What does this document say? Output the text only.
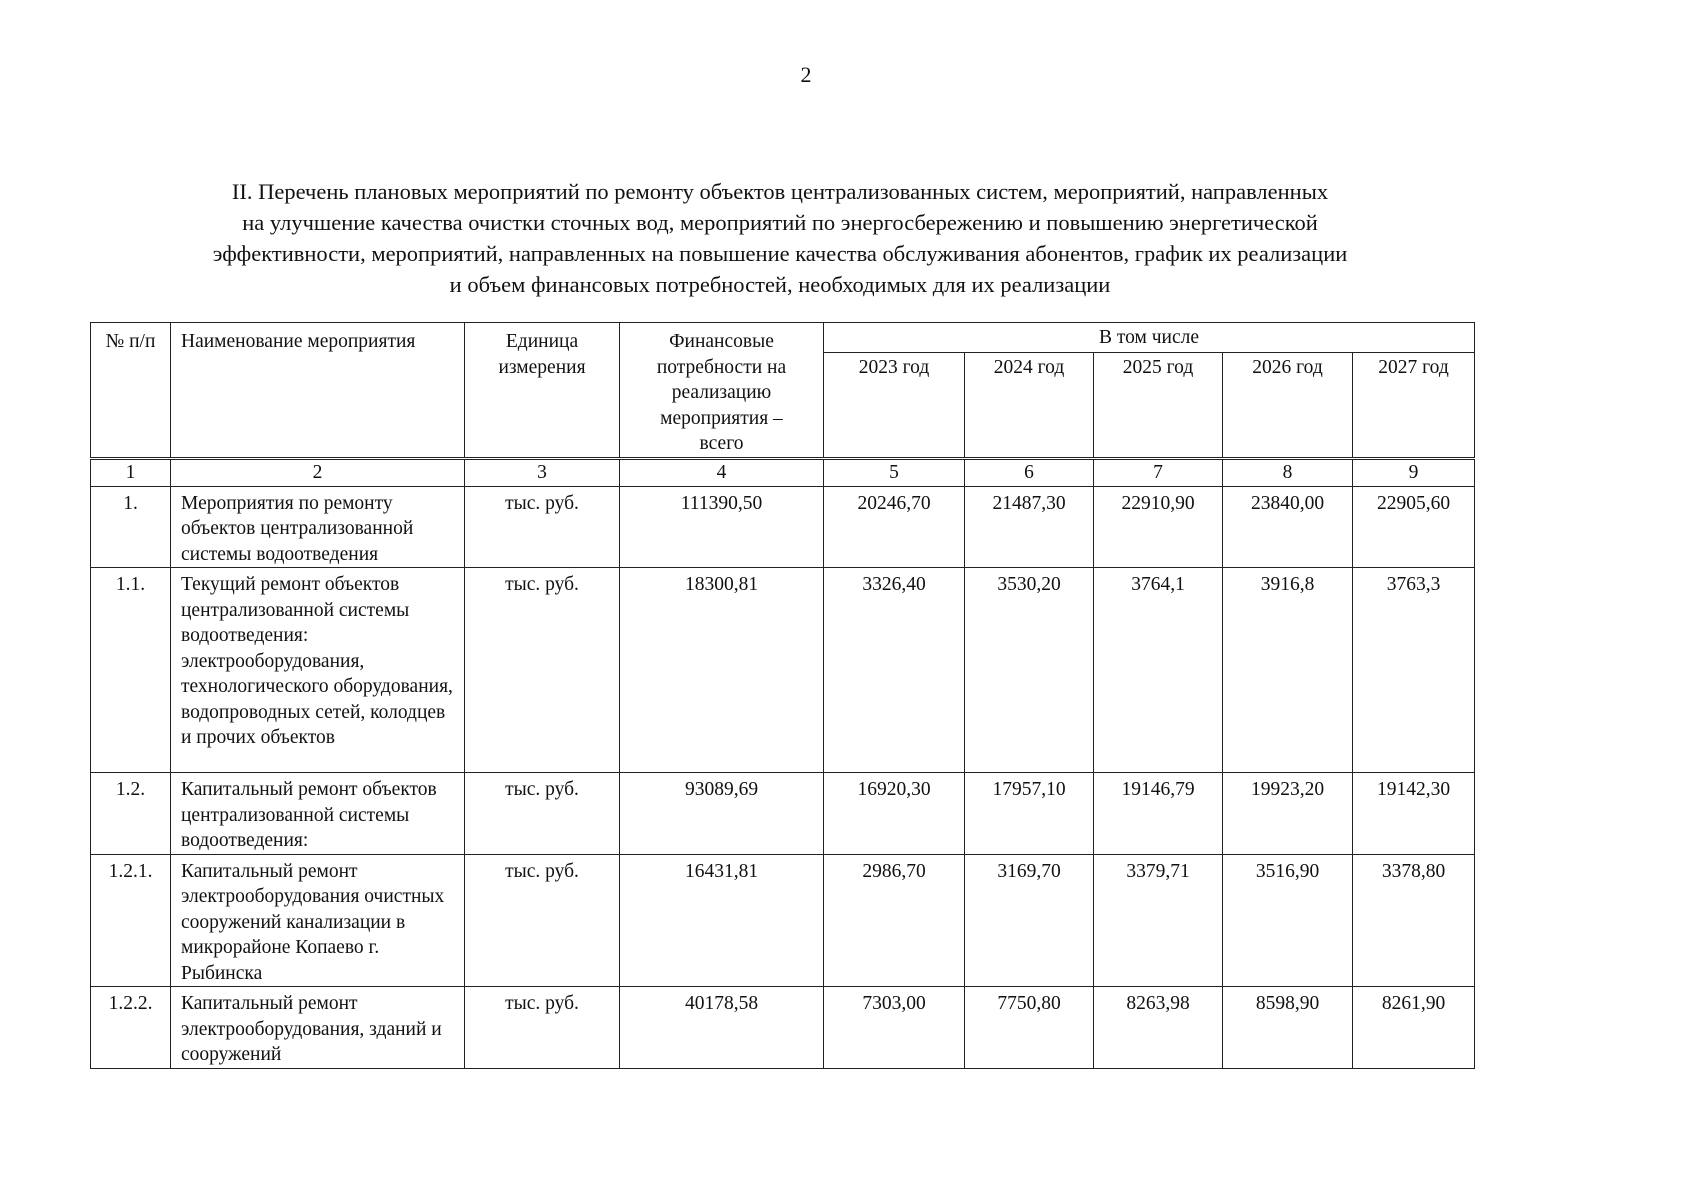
2
II. Перечень плановых мероприятий по ремонту объектов централизованных систем, мероприятий, направленных
на улучшение качества очистки сточных вод, мероприятий по энергосбережению и повышению энергетической
эффективности, мероприятий, направленных на повышение качества обслуживания абонентов, график их реализации
и объем финансовых потребностей, необходимых для их реализации
№ п/п	Наименование мероприятия	Единица измерения	Финансовые потребности на реализацию мероприятия – всего	В том числе				
				2023 год	2024 год	2025 год	2026 год	2027 год
1	2	3	4	5	6	7	8	9
1.	Мероприятия по ремонту объектов централизованной системы водоотведения	тыс. руб.	111390,50	20246,70	21487,30	22910,90	23840,00	22905,60
1.1.	Текущий ремонт объектов централизованной системы водоотведения: электрооборудования, технологического оборудования, водопроводных сетей, колодцев и прочих объектов	тыс. руб.	18300,81	3326,40	3530,20	3764,1	3916,8	3763,3
1.2.	Капитальный ремонт объектов централизованной системы водоотведения:	тыс. руб.	93089,69	16920,30	17957,10	19146,79	19923,20	19142,30
1.2.1.	Капитальный ремонт электрооборудования очистных сооружений канализации в микрорайоне Копаево г. Рыбинска	тыс. руб.	16431,81	2986,70	3169,70	3379,71	3516,90	3378,80
1.2.2.	Капитальный ремонт электрооборудования, зданий и сооружений	тыс. руб.	40178,58	7303,00	7750,80	8263,98	8598,90	8261,90
